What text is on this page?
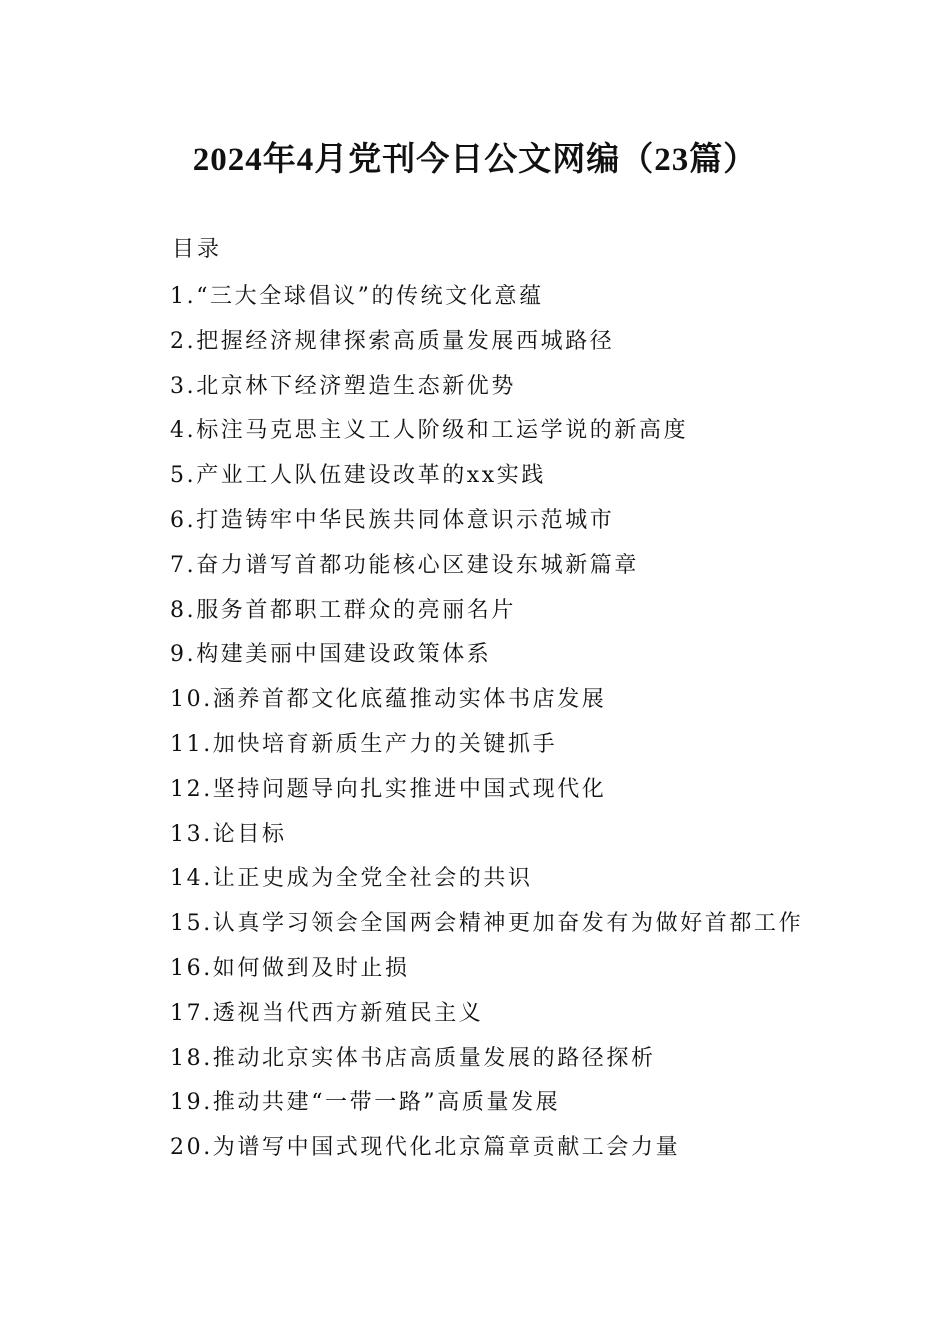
2024年4月党刊今日公文网编（23篇）
目录
1.“三大全球倡议”的传统文化意蕴
2.把握经济规律探索高质量发展西城路径
3.北京林下经济塑造生态新优势
4.标注马克思主义工人阶级和工运学说的新高度
5.产业工人队伍建设改革的xx实践
6.打造铸牢中华民族共同体意识示范城市
7.奋力谱写首都功能核心区建设东城新篇章
8.服务首都职工群众的亮丽名片
9.构建美丽中国建设政策体系
10.涵养首都文化底蕴推动实体书店发展
11.加快培育新质生产力的关键抓手
12.坚持问题导向扎实推进中国式现代化
13.论目标
14.让正史成为全党全社会的共识
15.认真学习领会全国两会精神更加奋发有为做好首都工作
16.如何做到及时止损
17.透视当代西方新殖民主义
18.推动北京实体书店高质量发展的路径探析
19.推动共建“一带一路”高质量发展
20.为谱写中国式现代化北京篇章贡献工会力量
